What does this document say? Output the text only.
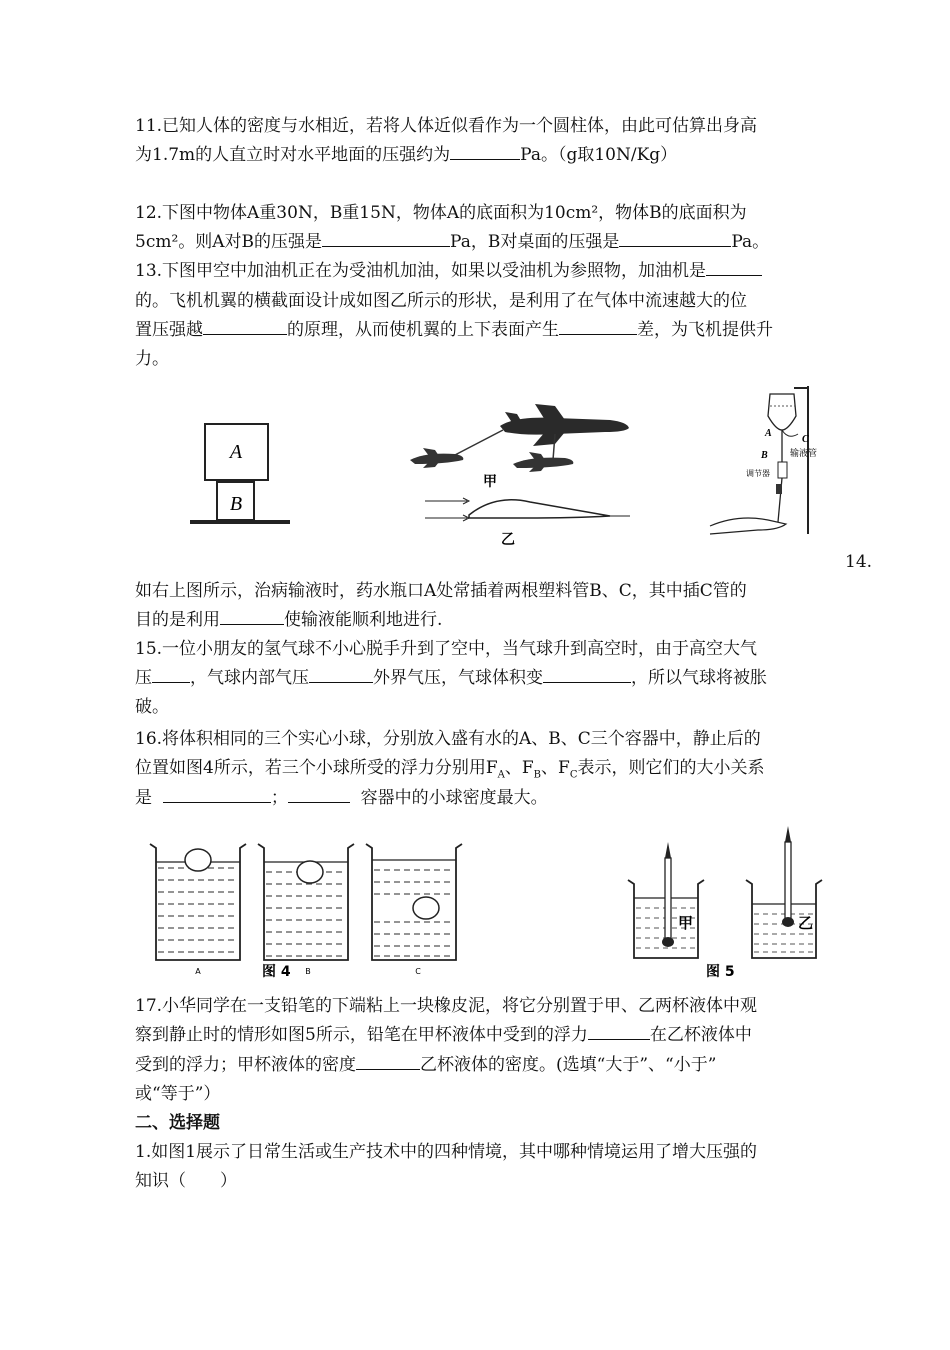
11.已知人体的密度与水相近，若将人体近似看作为一个圆柱体，由此可估算出身高
为1.7m的人直立时对水平地面的压强约为	Pa。（g取10N/Kg）
12.下图中物体A重30N，B重15N，物体A的底面积为10cm²，物体B的底面积为
5cm²。则A对B的压强是	Pa，B对桌面的压强是	Pa。
13.下图甲空中加油机正在为受油机加油，如果以受油机为参照物，加油机是
的。飞机机翼的横截面设计成如图乙所示的形状，是利用了在气体中流速越大的位
置压强越	的原理，从而使机翼的上下表面产生	差，为飞机提供升
力。
A
B
甲
乙
A
C
B 输液管
调节器
14.
如右上图所示，治病输液时，药水瓶口A处常插着两根塑料管B、C，其中插C管的
目的是利用	使输液能顺利地进行.
15.一位小朋友的氢气球不小心脱手升到了空中，当气球升到高空时，由于高空大气
压 ，气球内部气压	外界气压，气球体积变	，所以气球将被胀
破。
16.将体积相同的三个实心小球，分别放入盛有水的A、B、C三个容器中，静止后的
位置如图4所示，若三个小球所受的浮力分别用$F_A$、$F_B$、$F_C$表示，则它们的大小关系
是	；	容器中的小球密度最大。
A	B	C
图 4
甲	乙
图 5
17.小华同学在一支铅笔的下端粘上一块橡皮泥，将它分别置于甲、乙两杯液体中观
察到静止时的情形如图5所示，铅笔在甲杯液体中受到的浮力	在乙杯液体中
受到的浮力；甲杯液体的密度	乙杯液体的密度。(选填“大于”、“小于”
或“等于”）
二、选择题
1.如图1展示了日常生活或生产技术中的四种情境，其中哪种情境运用了增大压强的
知识（　　）
